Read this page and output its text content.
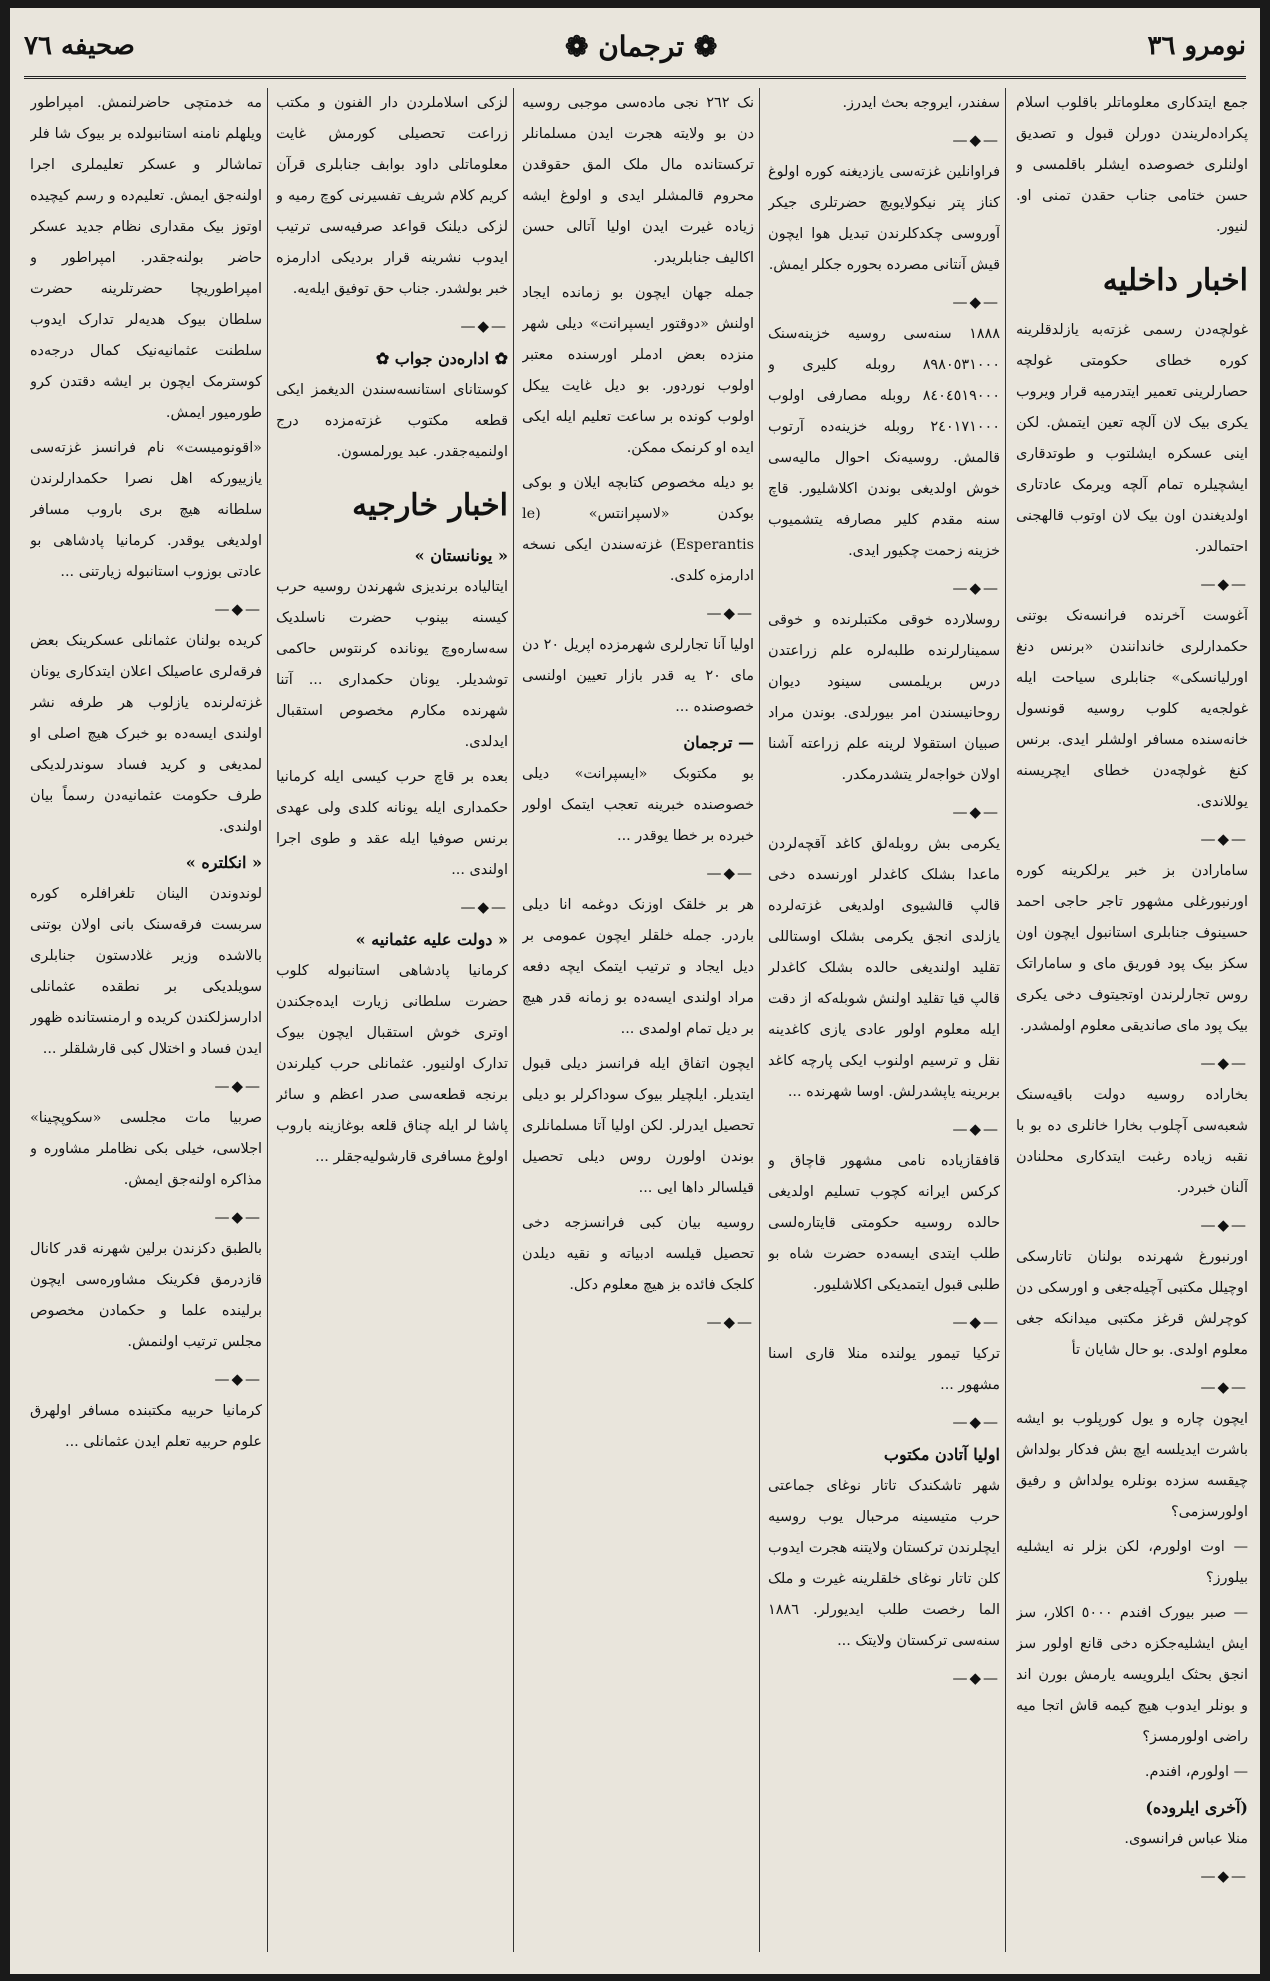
نومرو ٣٦
❁ ترجمان ❁
صحيفه ٧٦

جمع ایتدکاری معلوماتلر باقلوب اسلام پکراده‌لریندن دورلن قبول و تصدیق اولنلری خصوصده ایشلر باقلمسی و حسن ختامی جناب حقدن تمنی او. لنیور.

اخبار داخلیه

غولچه‌دن رسمی غزته‌به یازلدقلرینه کوره خطای حکومتی غولچه حصارلرینی تعمیر ایتدرمیه قرار ویروب یکری بیک لان آلچه تعین ایتمش. لکن اینی عسکره ایشلتوب و طوتدقاری ایشچیلره تمام آلچه ویرمک عادتاری اولدیغندن اون بیک لان اوتوب قالهجنی احتمالدر.

—◆—

آغوست آخرنده فرانسه‌نک بوتنی حکمدارلری خاندانندن «برنس دنغ اورلیانسکی» جنابلری سیاحت ایله غولجه‌یه کلوب روسیه قونسول خانه‌سنده مسافر اولشلر ایدی. برنس کنغ غولچه‌دن خطای ایچریسنه یوللاندی.

—◆—

سامارادن بز خبر یرلکرینه کوره اورنبورغلی مشهور تاجر حاجی احمد حسینوف جنابلری استانبول ایچون اون سکز بیک پود فوریق مای و ساماراتک روس تجارلرندن اوتجیتوف دخی یکری بیک پود مای صاندیقی معلوم اولمشدر.

—◆—

بخاراده روسیه دولت باقیه‌سنک شعبه‌سی آچلوب بخارا خانلری ده بو با نقبه زیاده رغبت ایتدکاری محلنادن آلنان خبردر.

—◆—

اورنبورغ شهرنده بولنان تاتارسکی اوچیلل مکتبی آچیله‌جغی و اورسکی دن کوچرلش قرغز مکتبی میدانکه جغی معلوم اولدی. بو حال شایان تأ

—◆—

ایچون چاره و یول کورپلوب بو ایشه باشرت ایدیلسه ایچ بش فدکار بولداش چیقسه سزده بونلره یولداش و رفیق اولورسزمی؟

— اوت اولورم، لکن بزلر نه ایشلیه بیلورز؟

— صبر بیورک افندم ٥٠٠٠ اکلار، سز ایش ایشلیه‌جکزه دخی قانع اولور سز انجق بحثک ایلرویسه یارمش بورن اند و بونلر ایدوب هیچ کیمه قاش اتجا میه راضی اولورمسز؟

— اولورم، افندم.

(آخری ایلروده)

منلا عباس فرانسوی.

—◆—

سفندر، ایروجه بحث ایدرز.

—◆—

فراوانلین غزته‌سی یازدیغنه کوره اولوغ کناز پتر نیکولایویچ حضرتلری جیکر آوروسی چکدکلرندن تبدیل هوا ایچون قیش آنتانی مصرده بحوره جکلر ایمش.

—◆—

١٨٨٨ سنه‌سی روسیه خزینه‌سنک ٨٩٨٠٥٣١٠٠٠ روبله کلیری و ٨٤٠٤٥١٩٠٠٠ روبله مصارفی اولوب ٢٤٠١٧١٠٠٠ روبله خزینه‌ده آرتوب قالمش. روسیه‌نک احوال مالیه‌سی خوش اولدیغی بوندن اکلاشلیور. قاچ سنه مقدم کلیر مصارفه یتشمیوب خزینه زحمت چکیور ایدی.

—◆—

روسلارده خوقی مکتبلرنده و خوقی سمینارلرنده طلبه‌لره علم زراعتدن درس بریلمسی سینود دیوان روحانیسندن امر بیورلدی. بوندن مراد صبیان استقولا لرینه علم زراعته آشنا اولان خواجه‌لر یتشدرمکدر.

—◆—

یکرمی بش روبله‌لق کاغد آقچه‌لردن ماعدا بشلک کاغدلر اورنسده دخی قالپ قالشیوی اولدیغی غزته‌لرده یازلدی انجق یکرمی بشلک اوستاللی تقلید اولندیغی حالده بشلک کاغدلر قالپ قیا تقلید اولنش شوبله‌که از دقت ایله معلوم اولور عادی یازی کاغدینه نقل و ترسیم اولنوب ایکی پارچه کاغد بربرینه یاپشدرلش. اوسا شهرنده ...

—◆—

قافقازیاده نامی مشهور قاچاق و کرکس ایرانه کچوب تسلیم اولدیغی حالده روسیه حکومتی قایتاره‌لسی طلب ایتدی ایسه‌ده حضرت شاه بو طلبی قبول ایتمدیکی اکلاشلیور.

—◆—

ترکیا تیمور یولنده منلا قاری اسنا مشهور ...

—◆—
اولیا آتادن مکتوب

شهر تاشکندک تاتار نوغای جماعتی حرب متیسینه مرحبال یوب روسیه ایچلرندن ترکستان ولایتنه هجرت ایدوب کلن تاتار نوغای خلقلرینه غیرت و ملک الما رخصت طلب ایدیورلر. ١٨٨٦ سنه‌سی ترکستان ولایتک ...

—◆—

نک ٢٦٢ نجی ماده‌سی موجبی روسیه دن بو ولایته هجرت ایدن مسلمانلر ترکستانده مال ملک المق حقوقدن محروم قالمشلر ایدی و اولوغ ایشه زیاده غیرت ایدن اولیا آتالی حسن اکالیف جنابلریدر.

جمله جهان ایچون بو زمانده ایجاد اولنش «دوقتور ایسپرانت» دیلی شهر منزده بعض ادملر اورسنده معتبر اولوب نوردور. بو دیل غایت ییکل اولوب کونده بر ساعت تعلیم ایله ایکی ایده او کرنمک ممکن.

بو دیله مخصوص کتابچه ایلان و بوکی بوکدن «لاسپرانتس» (le Esperantis) غزته‌سندن ایکی نسخه ادارمزه کلدی.

—◆—

اولیا آنا تجارلری شهرمزده اپریل ٢٠ دن مای ٢٠ یه قدر بازار تعیین اولنسی خصوصنده ...

— ترجمان

بو مکتوبک «ایسپرانت» دیلی خصوصنده خبرینه تعجب ایتمک اولور خبرده بر خطا یوقدر ...

—◆—

هر بر خلقک اوزنک دوغمه انا دیلی باردر. جمله خلقلر ایچون عمومی بر دیل ایجاد و ترتیب ایتمک ایچه دفعه مراد اولندی ایسه‌ده بو زمانه قدر هیچ بر دیل تمام اولمدی ...

ایچون اتفاق ایله فرانسز دیلی قبول ایتدیلر. ایلچیلر بیوک سوداکرلر بو دیلی تحصیل ایدرلر. لکن اولیا آتا مسلمانلری بوندن اولورن روس دیلی تحصیل قیلسالر داها ایی ...

روسیه بیان کبی فرانسزجه دخی تحصیل قیلسه ادبیاته و نقیه دیلدن کلجک فائده بز هیچ معلوم دکل.

—◆—

لزکی اسلاملردن دار الفنون و مکتب زراعت تحصیلی کورمش غایت معلوماتلی داود بوابف جنابلری قرآن کریم کلام شریف تفسیرنی کوچ رمیه و لزکی دیلنک قواعد صرفیه‌سی ترتیب ایدوب نشرینه قرار بردیکی ادارمزه خبر بولشدر. جناب حق توفیق ایله‌یه.

—◆—
✿ اداره‌دن جواب ✿

کوستانای استانسه‌سندن الدیغمز ایکی قطعه مکتوب غزته‌مزده درج اولنمیه‌جقدر. عبد یورلمسون.

اخبار خارجیه
« یونانستان »

ایتالیاده برندیزی شهرندن روسیه حرب کیسنه بینوب حضرت ناسلدیک سه‌ساره‌وچ یونانده کرنتوس حاکمی توشدیلر. یونان حکمداری ... آتنا شهرنده مکارم مخصوص استقبال ایدلدی.

بعده بر قاچ حرب کیسی ایله کرمانیا حکمداری ایله یونانه کلدی ولی عهدی برنس صوفیا ایله عقد و طوی اجرا اولندی ...

—◆—
« دولت علیه عثمانیه »

کرمانیا پادشاهی استانبوله کلوب حضرت سلطانی زیارت ایده‌جکندن اوتری خوش استقبال ایچون بیوک تدارک اولنیور. عثمانلی حرب کیلرندن برنجه قطعه‌سی صدر اعظم و سائر پاشا لر ایله چناق قلعه بوغازینه باروب اولوغ مسافری قارشولیه‌جقلر ...

مه خدمتچی حاضرلنمش. امپراطور ویلهلم نامنه استانبولده بر بیوک شا فلر تماشالر و عسکر تعلیملری اجرا اولنه‌جق ایمش. تعلیم‌ده و رسم کیچیده اوتوز بیک مقداری نظام جدید عسکر حاضر بولنه‌جقدر. امپراطور و امپراطوریچا حضرتلرینه حضرت سلطان بیوک هدیه‌لر تدارک ایدوب سلطنت عثمانیه‌نیک کمال درجه‌ده کوسترمک ایچون بر ایشه دقتدن کرو طورمیور ایمش.

«اقونومیست» نام فرانسز غزته‌سی یازییورکه اهل نصرا حکمدارلرندن سلطانه هیچ بری باروب مسافر اولدیغی یوقدر. کرمانیا پادشاهی بو عادتی بوزوب استانبوله زیارتنی ...

—◆—

کریده بولنان عثمانلی عسکرینک بعض فرقه‌لری عاصیلک اعلان ایتدکاری یونان غزته‌لرنده یازلوب هر طرفه نشر اولندی ایسه‌ده بو خبرک هیچ اصلی او لمدیغی و کرید فساد سوندرلدیکی طرف حکومت عثمانیه‌دن رسماً بیان اولندی.

« انکلتره »

لوندوندن الینان تلغرافلره کوره سربست فرقه‌سنک بانی اولان بوتنی بالاشده وزیر غلادستون جنابلری سویلدیکی بر نطقده عثمانلی ادارسزلکندن کریده و ارمنستانده ظهور ایدن فساد و اختلال کبی قارشلقلر ...

—◆—

صربیا مات مجلسی «سکوپچینا» اجلاسی، خیلی بکی نظاملر مشاوره و مذاکره اولنه‌جق ایمش.

—◆—

بالطبق دکزندن برلین شهرنه قدر کانال قازدرمق فکرینک مشاوره‌سی ایچون برلینده علما و حکمادن مخصوص مجلس ترتیب اولنمش.

—◆—

کرمانیا حربیه مکتبنده مسافر اولهرق علوم حربیه تعلم ایدن عثمانلی ...
